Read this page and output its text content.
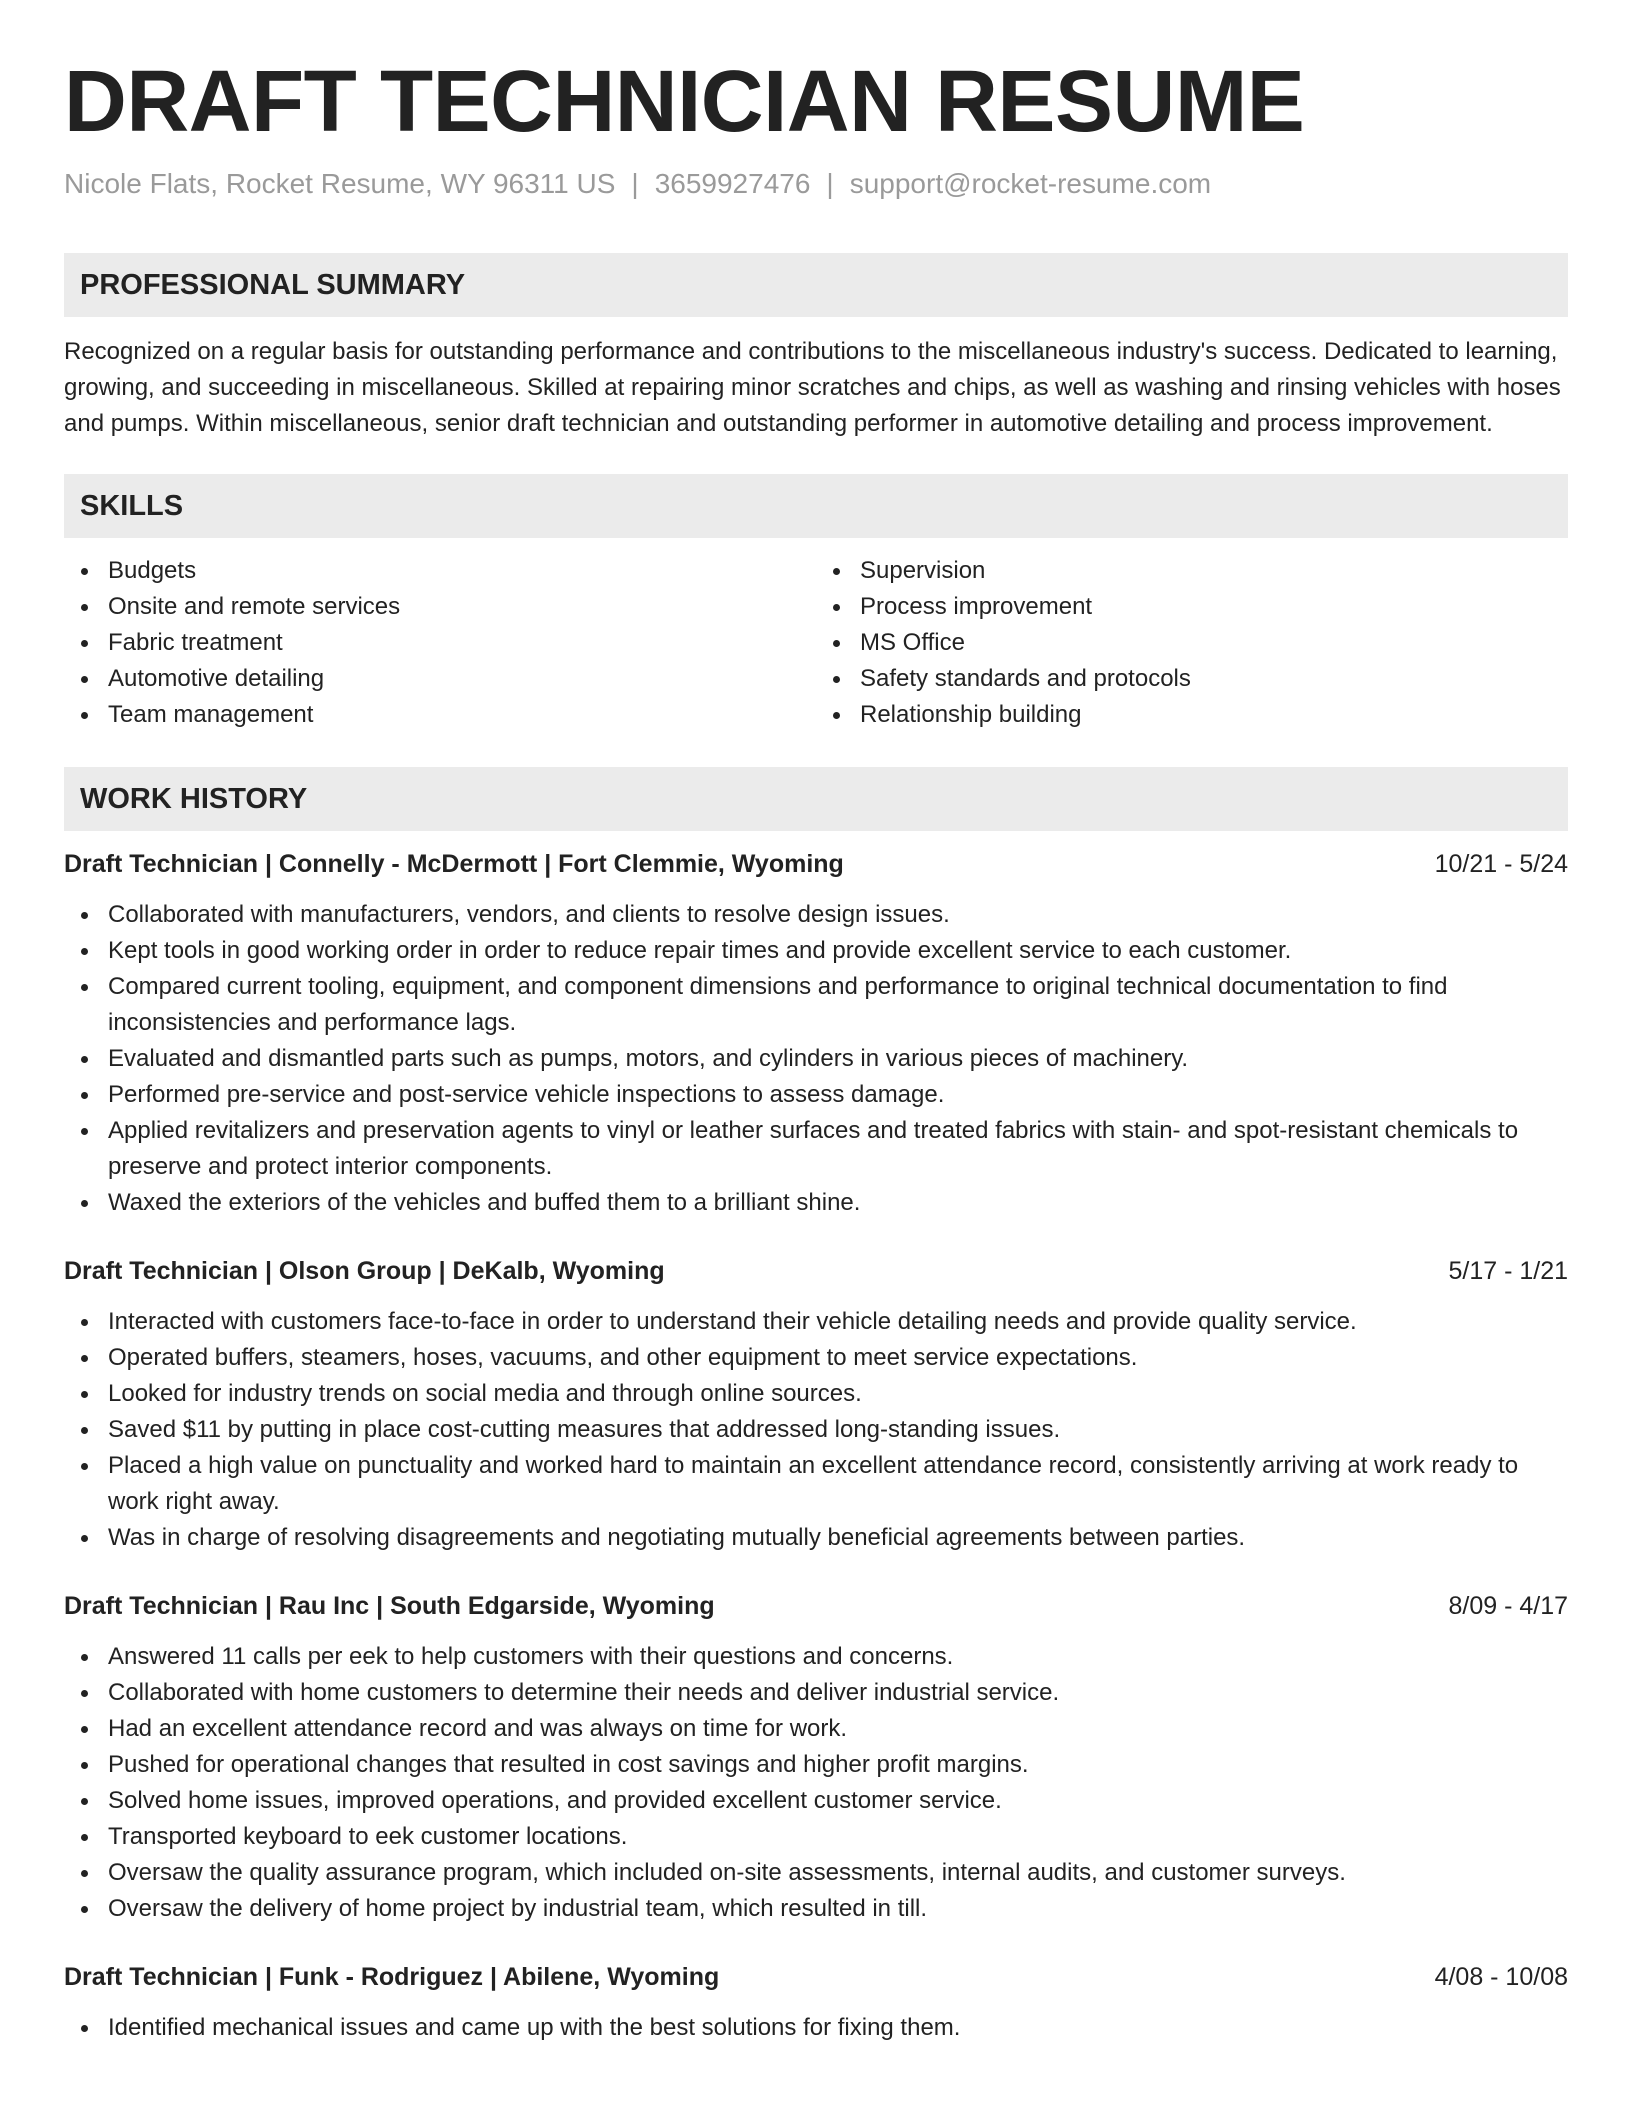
DRAFT TECHNICIAN RESUME
Nicole Flats, Rocket Resume, WY 96311 US | 3659927476 | support@rocket-resume.com
PROFESSIONAL SUMMARY

Recognized on a regular basis for outstanding performance and contributions to the miscellaneous industry's success. Dedicated to learning, growing, and succeeding in miscellaneous. Skilled at repairing minor scratches and chips, as well as washing and rinsing vehicles with hoses and pumps. Within miscellaneous, senior draft technician and outstanding performer in automotive detailing and process improvement.

SKILLS
Budgets
Onsite and remote services
Fabric treatment
Automotive detailing
Team management
Supervision
Process improvement
MS Office
Safety standards and protocols
Relationship building
WORK HISTORY
Draft Technician | Connelly - McDermott | Fort Clemmie, Wyoming	10/21 - 5/24
Collaborated with manufacturers, vendors, and clients to resolve design issues.
Kept tools in good working order in order to reduce repair times and provide excellent service to each customer.
Compared current tooling, equipment, and component dimensions and performance to original technical documentation to find inconsistencies and performance lags.
Evaluated and dismantled parts such as pumps, motors, and cylinders in various pieces of machinery.
Performed pre-service and post-service vehicle inspections to assess damage.
Applied revitalizers and preservation agents to vinyl or leather surfaces and treated fabrics with stain- and spot-resistant chemicals to preserve and protect interior components.
Waxed the exteriors of the vehicles and buffed them to a brilliant shine.
Draft Technician | Olson Group | DeKalb, Wyoming	5/17 - 1/21
Interacted with customers face-to-face in order to understand their vehicle detailing needs and provide quality service.
Operated buffers, steamers, hoses, vacuums, and other equipment to meet service expectations.
Looked for industry trends on social media and through online sources.
Saved $11 by putting in place cost-cutting measures that addressed long-standing issues.
Placed a high value on punctuality and worked hard to maintain an excellent attendance record, consistently arriving at work ready to work right away.
Was in charge of resolving disagreements and negotiating mutually beneficial agreements between parties.
Draft Technician | Rau Inc | South Edgarside, Wyoming	8/09 - 4/17
Answered 11 calls per eek to help customers with their questions and concerns.
Collaborated with home customers to determine their needs and deliver industrial service.
Had an excellent attendance record and was always on time for work.
Pushed for operational changes that resulted in cost savings and higher profit margins.
Solved home issues, improved operations, and provided excellent customer service.
Transported keyboard to eek customer locations.
Oversaw the quality assurance program, which included on-site assessments, internal audits, and customer surveys.
Oversaw the delivery of home project by industrial team, which resulted in till.
Draft Technician | Funk - Rodriguez | Abilene, Wyoming	4/08 - 10/08
Identified mechanical issues and came up with the best solutions for fixing them.
